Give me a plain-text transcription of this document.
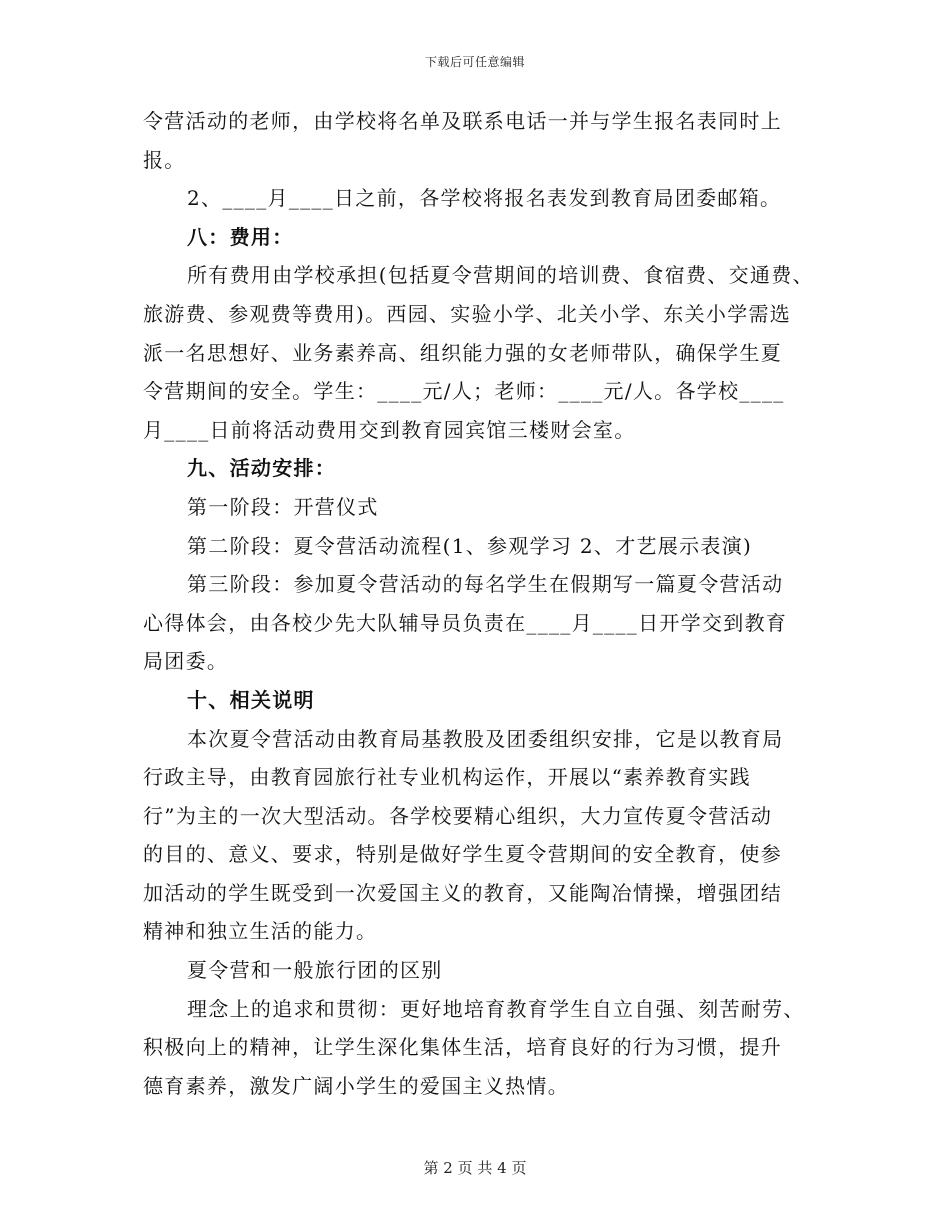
下载后可任意编辑
令营活动的老师，由学校将名单及联系电话一并与学生报名表同时上
报。
2、____月____日之前，各学校将报名表发到教育局团委邮箱。
八：费用：
所有费用由学校承担(包括夏令营期间的培训费、食宿费、交通费、
旅游费、参观费等费用)。西园、实验小学、北关小学、东关小学需选
派一名思想好、业务素养高、组织能力强的女老师带队，确保学生夏
令营期间的安全。学生：____元/人；老师：____元/人。各学校____
月____日前将活动费用交到教育园宾馆三楼财会室。
九、活动安排：
第一阶段：开营仪式
第二阶段：夏令营活动流程(1、参观学习 2、才艺展示表演)
第三阶段：参加夏令营活动的每名学生在假期写一篇夏令营活动
心得体会，由各校少先大队辅导员负责在____月____日开学交到教育
局团委。
十、相关说明
本次夏令营活动由教育局基教股及团委组织安排，它是以教育局
行政主导，由教育园旅行社专业机构运作，开展以“素养教育实践
行”为主的一次大型活动。各学校要精心组织，大力宣传夏令营活动
的目的、意义、要求，特别是做好学生夏令营期间的安全教育，使参
加活动的学生既受到一次爱国主义的教育，又能陶冶情操，增强团结
精神和独立生活的能力。
夏令营和一般旅行团的区别
理念上的追求和贯彻：更好地培育教育学生自立自强、刻苦耐劳、
积极向上的精神，让学生深化集体生活，培育良好的行为习惯，提升
德育素养，激发广阔小学生的爱国主义热情。
第 2 页 共 4 页
